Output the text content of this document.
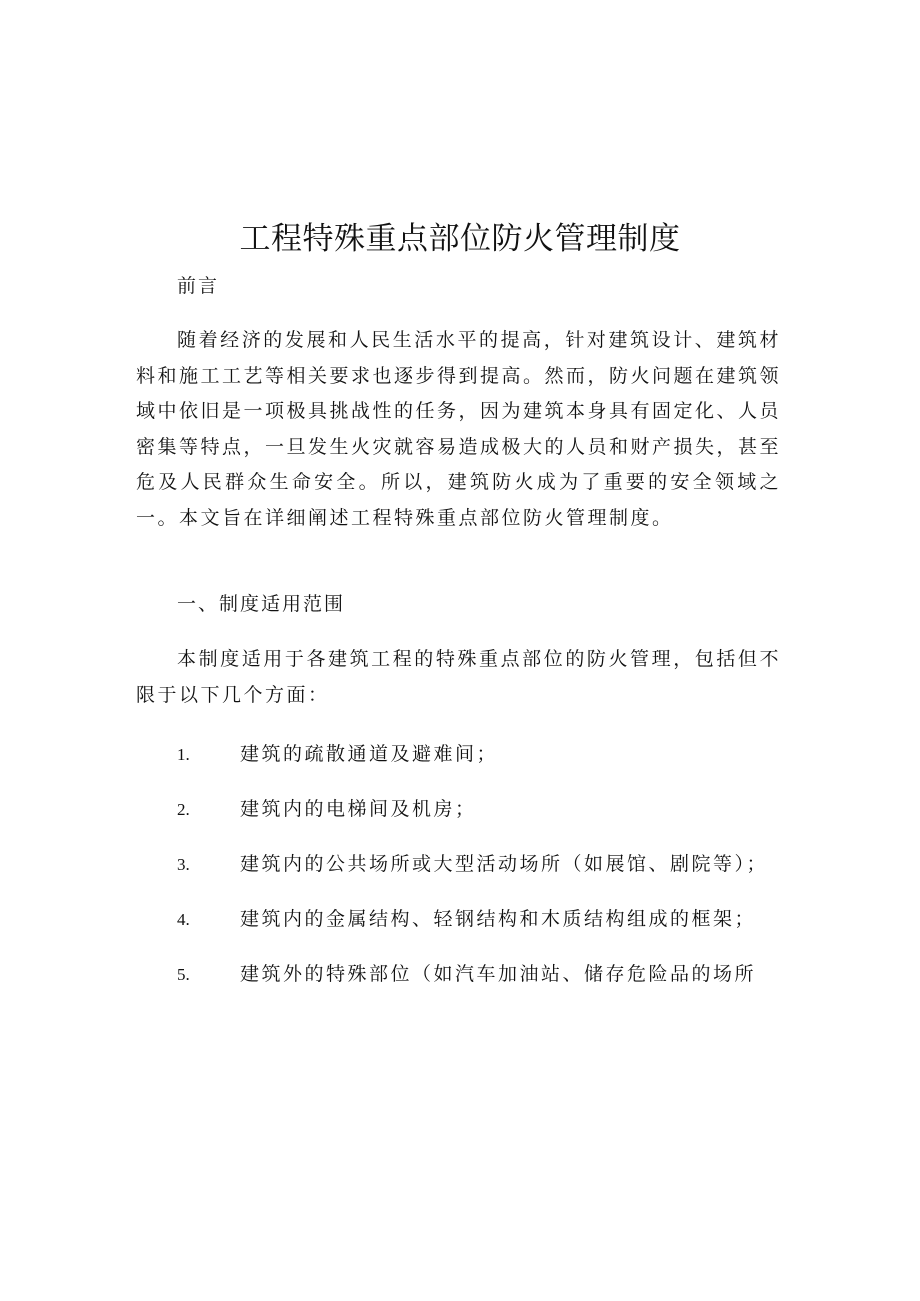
工程特殊重点部位防火管理制度

前言

随着经济的发展和人民生活水平的提高，针对建筑设计、建筑材料和施工工艺等相关要求也逐步得到提高。然而，防火问题在建筑领域中依旧是一项极具挑战性的任务，因为建筑本身具有固定化、人员密集等特点，一旦发生火灾就容易造成极大的人员和财产损失，甚至危及人民群众生命安全。所以，建筑防火成为了重要的安全领域之一。本文旨在详细阐述工程特殊重点部位防火管理制度。

一、制度适用范围

本制度适用于各建筑工程的特殊重点部位的防火管理，包括但不限于以下几个方面：

1.	建筑的疏散通道及避难间；

2.	建筑内的电梯间及机房；

3.	建筑内的公共场所或大型活动场所（如展馆、剧院等）；

4.	建筑内的金属结构、轻钢结构和木质结构组成的框架；

5.	建筑外的特殊部位（如汽车加油站、储存危险品的场所
